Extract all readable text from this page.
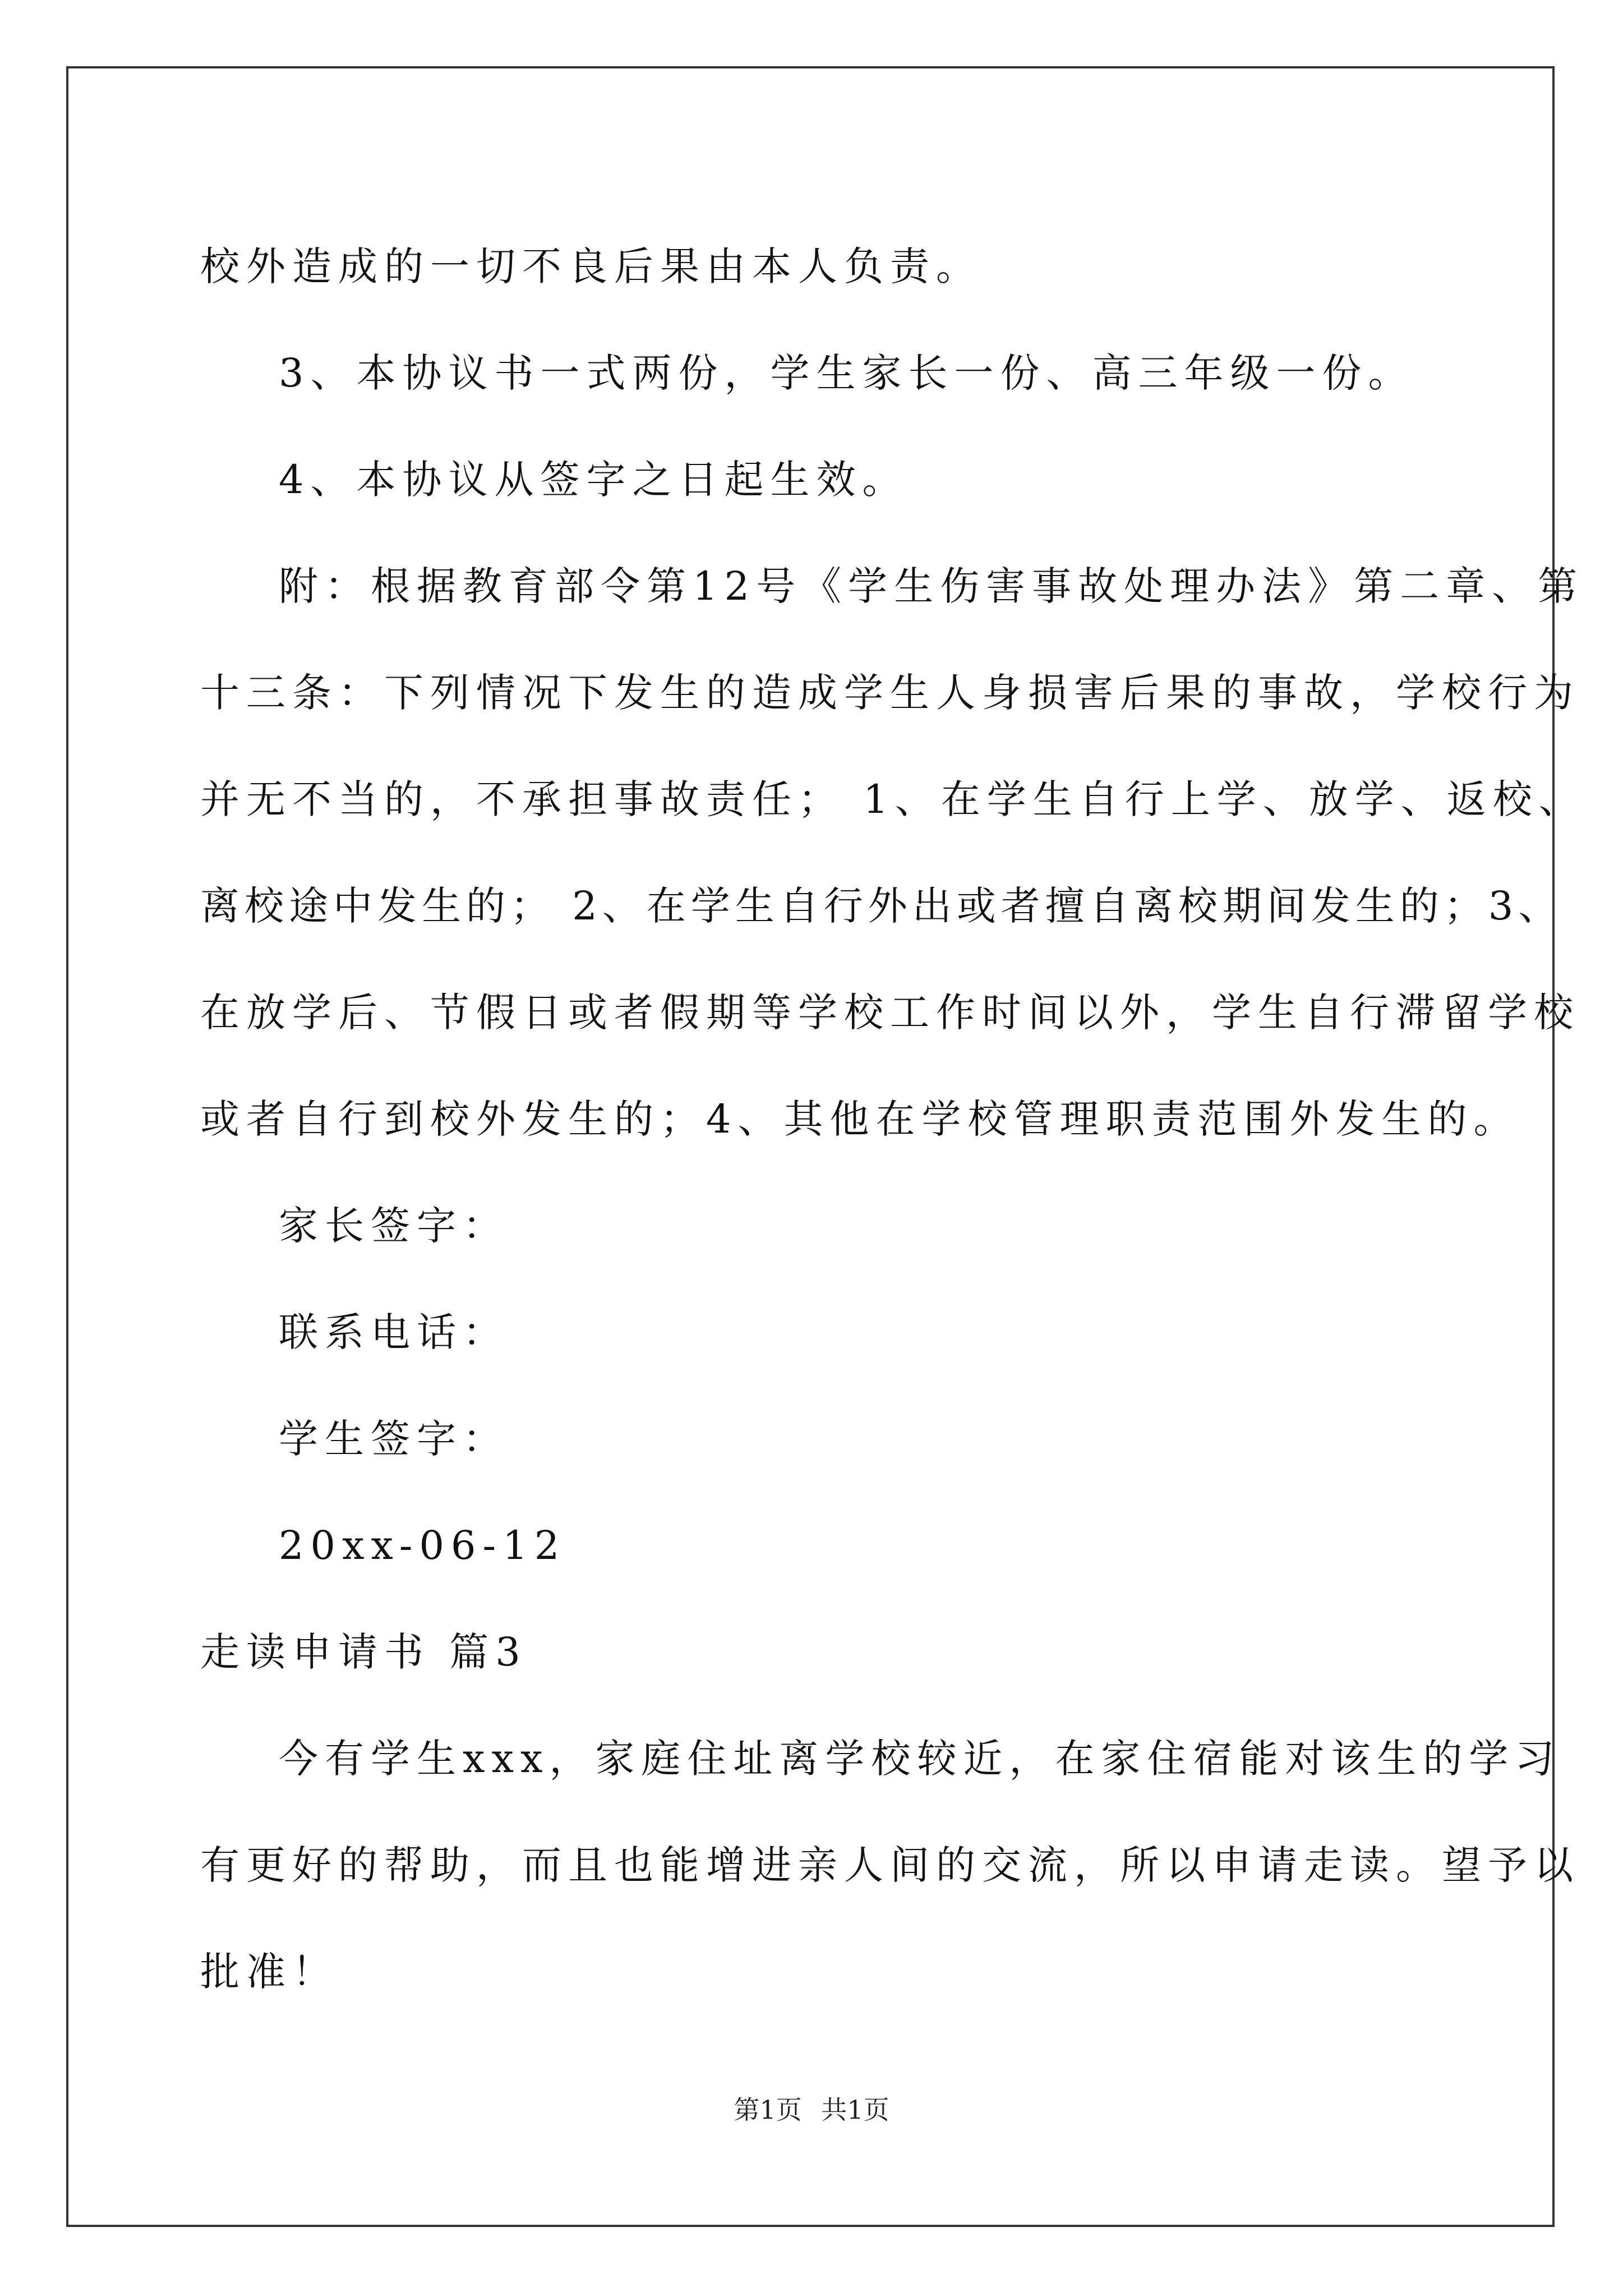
校外造成的一切不良后果由本人负责。

3、本协议书一式两份，学生家长一份、高三年级一份。

4、本协议从签字之日起生效。

附：根据教育部令第12号《学生伤害事故处理办法》第二章、第

十三条：下列情况下发生的造成学生人身损害后果的事故，学校行为

并无不当的，不承担事故责任； 1、在学生自行上学、放学、返校、

离校途中发生的； 2、在学生自行外出或者擅自离校期间发生的；3、

在放学后、节假日或者假期等学校工作时间以外，学生自行滞留学校

或者自行到校外发生的；4、其他在学校管理职责范围外发生的。

家长签字：

联系电话：

学生签字：

20xx-06-12

走读申请书 篇3

今有学生xxx，家庭住址离学校较近，在家住宿能对该生的学习

有更好的帮助，而且也能增进亲人间的交流，所以申请走读。望予以

批准！

第1页 共1页
